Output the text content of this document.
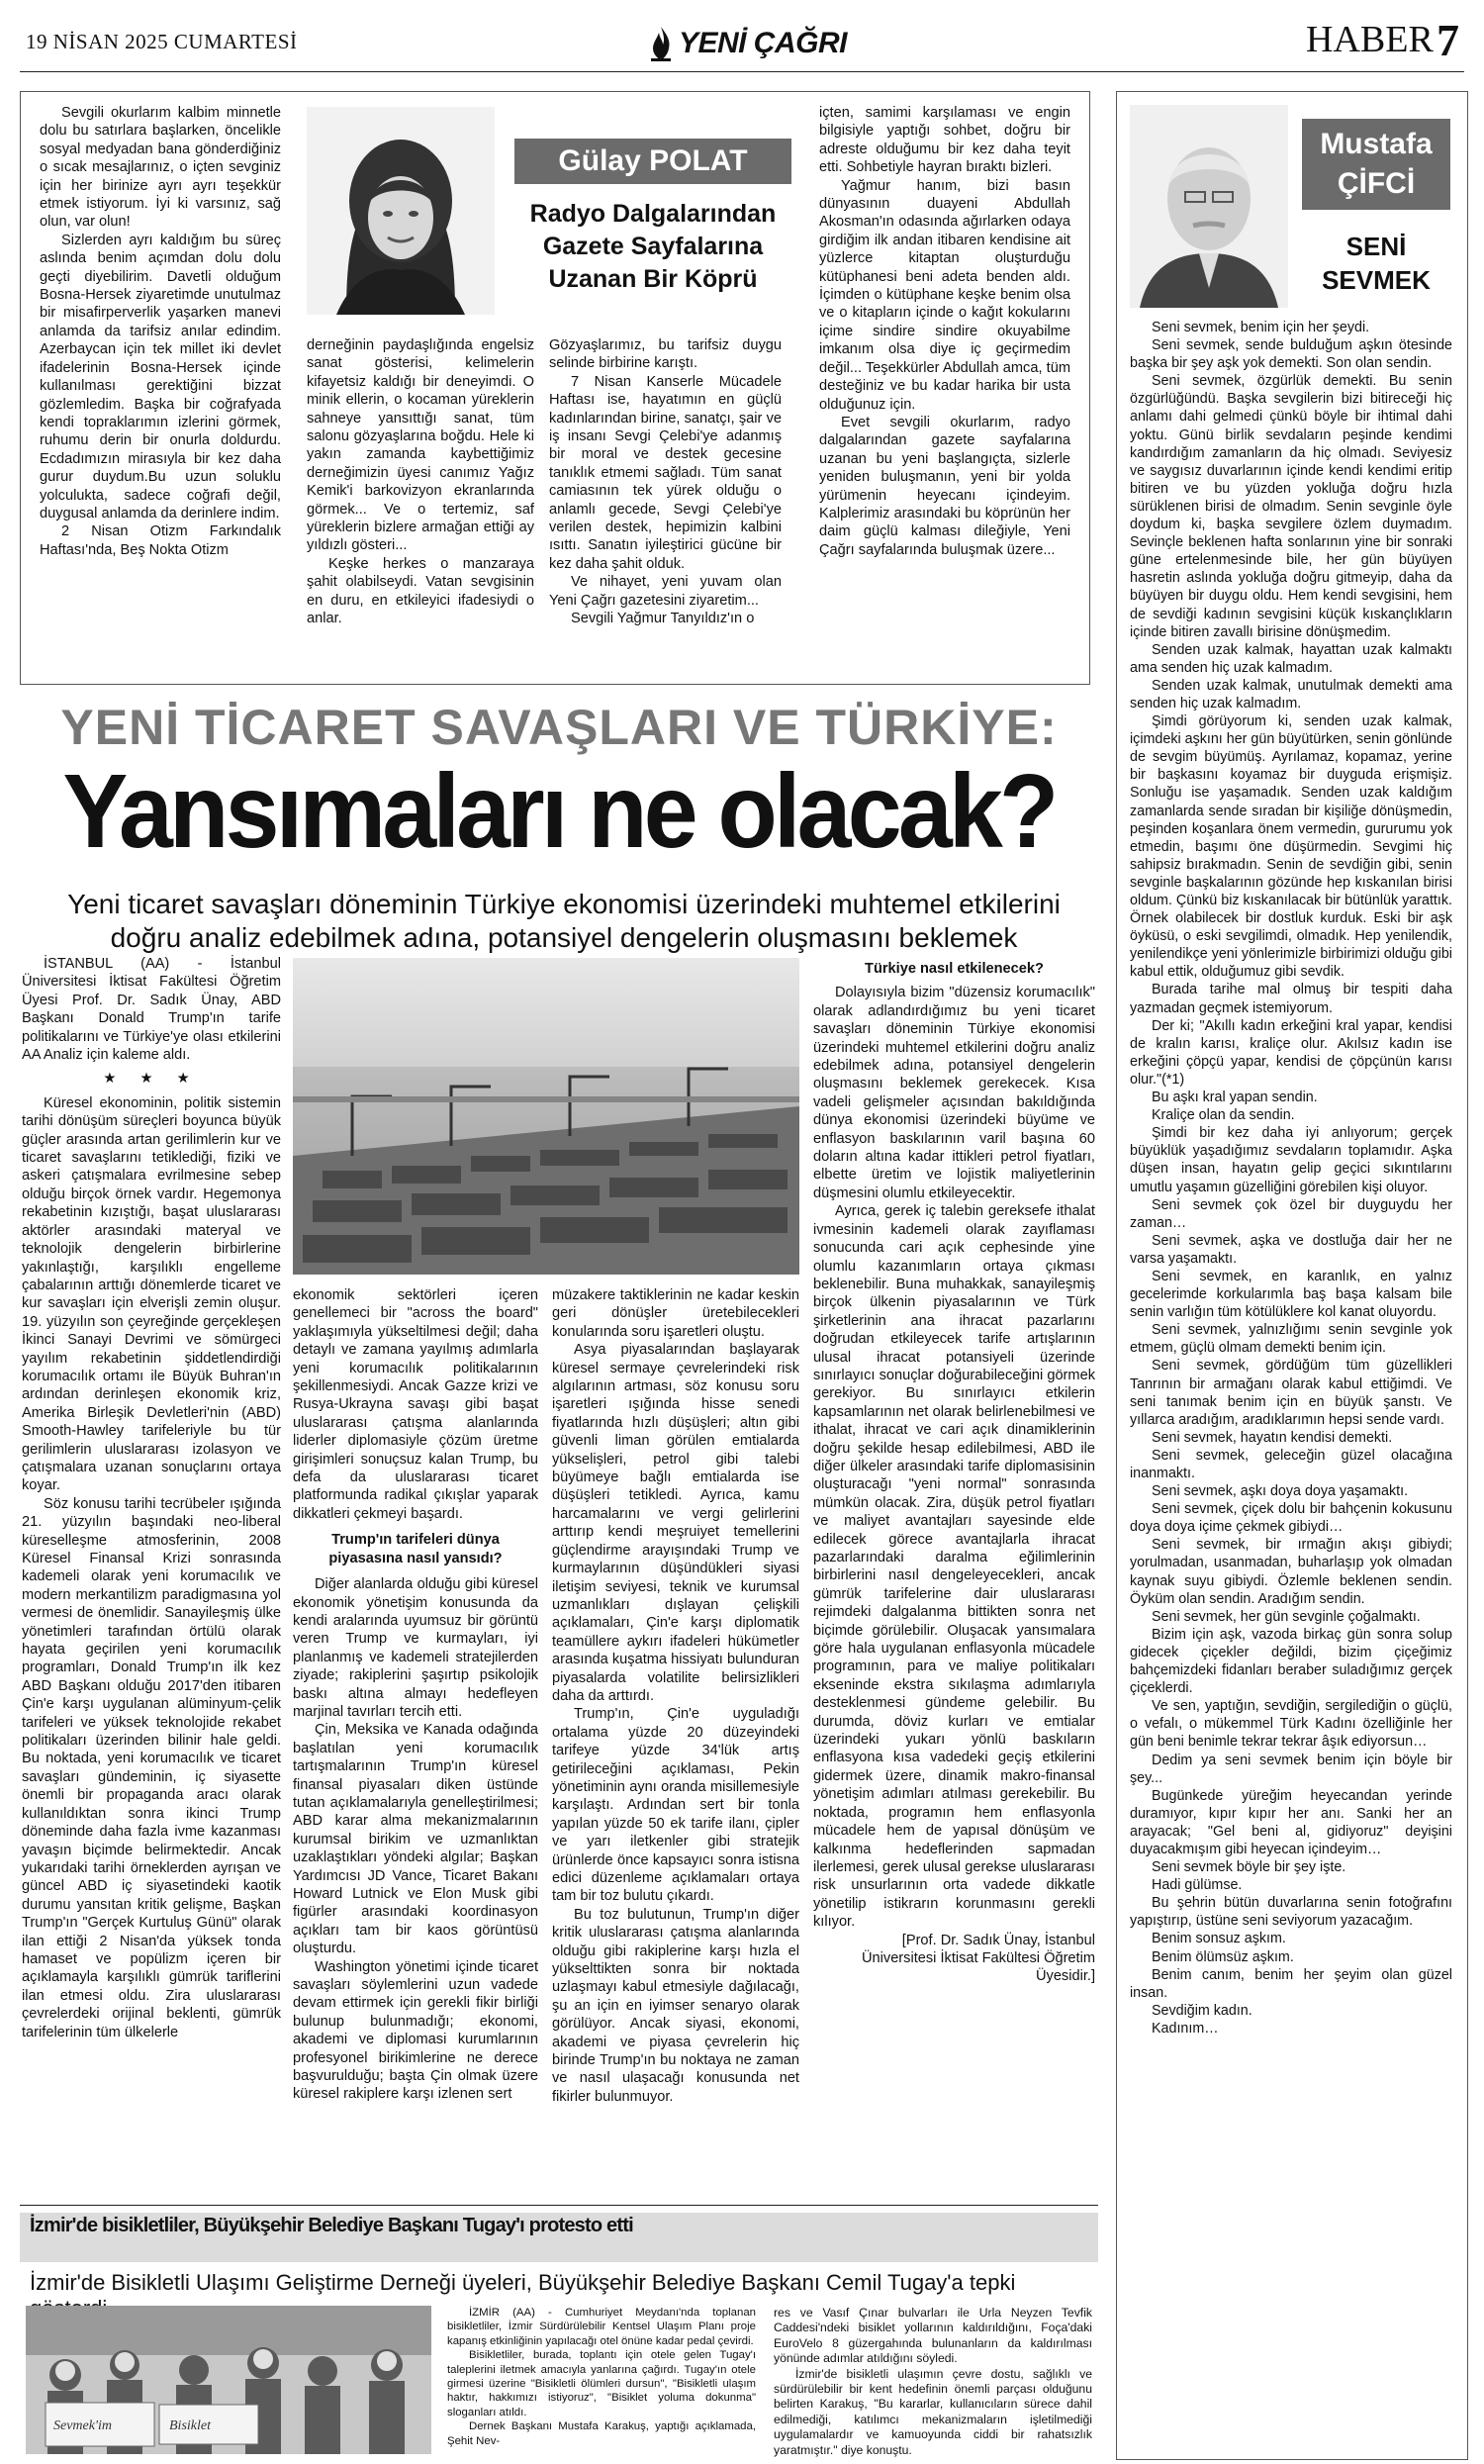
19 NİSAN 2025 CUMARTESİ	YENİ ÇAĞRI	HABER 7

Sevgili okurlarım kalbim minnetle dolu bu satırlara başlarken, öncelikle sosyal medyadan bana gönderdiğiniz o sıcak mesajlarınız, o içten sevginiz için her birinize ayrı ayrı teşekkür etmek istiyorum. İyi ki varsınız, sağ olun, var olun!

Sizlerden ayrı kaldığım bu süreç aslında benim açımdan dolu dolu geçti diyebilirim. Davetli olduğum Bosna-Hersek ziyaretimde unutulmaz bir misafirperverlik yaşarken manevi anlamda da tarifsiz anılar edindim. Azerbaycan için tek millet iki devlet ifadelerinin Bosna-Hersek içinde kullanılması gerektiğini bizzat gözlemledim. Başka bir coğrafyada kendi topraklarımın izlerini görmek, ruhumu derin bir onurla doldurdu. Ecdadımızın mirasıyla bir kez daha gurur duydum.Bu uzun soluklu yolculukta, sadece coğrafi değil, duygusal anlamda da derinlere indim.

2 Nisan Otizm Farkındalık Haftası'nda, Beş Nokta Otizm

Gülay POLAT
Radyo Dalgalarından
Gazete Sayfalarına
Uzanan Bir Köprü

derneğinin paydaşlığında engelsiz sanat gösterisi, kelimelerin kifayetsiz kaldığı bir deneyimdi. O minik ellerin, o kocaman yüreklerin sahneye yansıttığı sanat, tüm salonu gözyaşlarına boğdu. Hele ki yakın zamanda kaybettiğimiz derneğimizin üyesi canımız Yağız Kemik'i barkovizyon ekranlarında görmek... Ve o tertemiz, saf yüreklerin bizlere armağan ettiği ay yıldızlı gösteri...

Keşke herkes o manzaraya şahit olabilseydi. Vatan sevgisinin en duru, en etkileyici ifadesiydi o anlar.

Gözyaşlarımız, bu tarifsiz duygu selinde birbirine karıştı.

7 Nisan Kanserle Mücadele Haftası ise, hayatımın en güçlü kadınlarından birine, sanatçı, şair ve iş insanı Sevgi Çelebi'ye adanmış bir moral ve destek gecesine tanıklık etmemi sağladı. Tüm sanat camiasının tek yürek olduğu o anlamlı gecede, Sevgi Çelebi'ye verilen destek, hepimizin kalbini ısıttı. Sanatın iyileştirici gücüne bir kez daha şahit olduk.

Ve nihayet, yeni yuvam olan Yeni Çağrı gazetesini ziyaretim...

Sevgili Yağmur Tanyıldız'ın o

içten, samimi karşılaması ve engin bilgisiyle yaptığı sohbet, doğru bir adreste olduğumu bir kez daha teyit etti. Sohbetiyle hayran bıraktı bizleri.

Yağmur hanım, bizi basın dünyasının duayeni Abdullah Akosman'ın odasında ağırlarken odaya girdiğim ilk andan itibaren kendisine ait yüzlerce kitaptan oluşturduğu kütüphanesi beni adeta benden aldı. İçimden o kütüphane keşke benim olsa ve o kitapların içinde o kağıt kokularını içime sindire sindire okuyabilme imkanım olsa diye iç geçirmedim değil... Teşekkürler Abdullah amca, tüm desteğiniz ve bu kadar harika bir usta olduğunuz için.

Evet sevgili okurlarım, radyo dalgalarından gazete sayfalarına uzanan bu yeni başlangıçta, sizlerle yeniden buluşmanın, yeni bir yolda yürümenin heyecanı içindeyim. Kalplerimiz arasındaki bu köprünün her daim güçlü kalması dileğiyle, Yeni Çağrı sayfalarında buluşmak üzere...

YENİ TİCARET SAVAŞLARI VE TÜRKİYE:
Yansımaları ne olacak?
Yeni ticaret savaşları döneminin Türkiye ekonomisi üzerindeki muhtemel etkilerini doğru analiz edebilmek adına, potansiyel dengelerin oluşmasını beklemek

İSTANBUL (AA) - İstanbul Üniversitesi İktisat Fakültesi Öğretim Üyesi Prof. Dr. Sadık Ünay, ABD Başkanı Donald Trump'ın tarife politikalarını ve Türkiye'ye olası etkilerini AA Analiz için kaleme aldı.

★ ★ ★

Küresel ekonominin, politik sistemin tarihi dönüşüm süreçleri boyunca büyük güçler arasında artan gerilimlerin kur ve ticaret savaşlarını tetiklediği, fiziki ve askeri çatışmalara evrilmesine sebep olduğu birçok örnek vardır. Hegemonya rekabetinin kızıştığı, başat uluslararası aktörler arasındaki materyal ve teknolojik dengelerin birbirlerine yakınlaştığı, karşılıklı engelleme çabalarının arttığı dönemlerde ticaret ve kur savaşları için elverişli zemin oluşur. 19. yüzyılın son çeyreğinde gerçekleşen İkinci Sanayi Devrimi ve sömürgeci yayılım rekabetinin şiddetlendirdiği korumacılık ortamı ile Büyük Buhran'ın ardından derinleşen ekonomik kriz, Amerika Birleşik Devletleri'nin (ABD) Smooth-Hawley tarifeleriyle bu tür gerilimlerin uluslararası izolasyon ve çatışmalara uzanan sonuçlarını ortaya koyar.

Söz konusu tarihi tecrübeler ışığında 21. yüzyılın başındaki neo-liberal küreselleşme atmosferinin, 2008 Küresel Finansal Krizi sonrasında kademeli olarak yeni korumacılık ve modern merkantilizm paradigmasına yol vermesi de önemlidir. Sanayileşmiş ülke yönetimleri tarafından örtülü olarak hayata geçirilen yeni korumacılık programları, Donald Trump'ın ilk kez ABD Başkanı olduğu 2017'den itibaren Çin'e karşı uygulanan alüminyum-çelik tarifeleri ve yüksek teknolojide rekabet politikaları üzerinden bilinir hale geldi. Bu noktada, yeni korumacılık ve ticaret savaşları gündeminin, iç siyasette önemli bir propaganda aracı olarak kullanıldıktan sonra ikinci Trump döneminde daha fazla ivme kazanması yavaşın biçimde belirmektedir. Ancak yukarıdaki tarihi örneklerden ayrışan ve güncel ABD iç siyasetindeki kaotik durumu yansıtan kritik gelişme, Başkan Trump'ın "Gerçek Kurtuluş Günü" olarak ilan ettiği 2 Nisan'da yüksek tonda hamaset ve popülizm içeren bir açıklamayla karşılıklı gümrük tariflerini ilan etmesi oldu. Zira uluslararası çevrelerdeki orijinal beklenti, gümrük tarifelerinin tüm ülkelerle

ekonomik sektörleri içeren genellemeci bir "across the board" yaklaşımıyla yükseltilmesi değil; daha detaylı ve zamana yayılmış adımlarla yeni korumacılık politikalarının şekillenmesiydi. Ancak Gazze krizi ve Rusya-Ukrayna savaşı gibi başat uluslararası çatışma alanlarında liderler diplomasiyle çözüm üretme girişimleri sonuçsuz kalan Trump, bu defa da uluslararası ticaret platformunda radikal çıkışlar yaparak dikkatleri çekmeyi başardı.

Trump'ın tarifeleri dünya piyasasına nasıl yansıdı?

Diğer alanlarda olduğu gibi küresel ekonomik yönetişim konusunda da kendi aralarında uyumsuz bir görüntü veren Trump ve kurmayları, iyi planlanmış ve kademeli stratejilerden ziyade; rakiplerini şaşırtıp psikolojik baskı altına almayı hedefleyen marjinal tavırları tercih etti.

Çin, Meksika ve Kanada odağında başlatılan yeni korumacılık tartışmalarının Trump'ın küresel finansal piyasaları diken üstünde tutan açıklamalarıyla genelleştirilmesi; ABD karar alma mekanizmalarının kurumsal birikim ve uzmanlıktan uzaklaştıkları yöndeki algılar; Başkan Yardımcısı JD Vance, Ticaret Bakanı Howard Lutnick ve Elon Musk gibi figürler arasındaki koordinasyon açıkları tam bir kaos görüntüsü oluşturdu.

Washington yönetimi içinde ticaret savaşları söylemlerini uzun vadede devam ettirmek için gerekli fikir birliği bulunup bulunmadığı; ekonomi, akademi ve diplomasi kurumlarının profesyonel birikimlerine ne derece başvurulduğu; başta Çin olmak üzere küresel rakiplere karşı izlenen sert

müzakere taktiklerinin ne kadar keskin geri dönüşler üretebilecekleri konularında soru işaretleri oluştu.

Asya piyasalarından başlayarak küresel sermaye çevrelerindeki risk algılarının artması, söz konusu soru işaretleri ışığında hisse senedi fiyatlarında hızlı düşüşleri; altın gibi güvenli liman görülen emtialarda yükselişleri, petrol gibi talebi büyümeye bağlı emtialarda ise düşüşleri tetikledi. Ayrıca, kamu harcamalarını ve vergi gelirlerini arttırıp kendi meşruiyet temellerini güçlendirme arayışındaki Trump ve kurmaylarının düşündükleri siyasi iletişim seviyesi, teknik ve kurumsal uzmanlıkları dışlayan çelişkili açıklamaları, Çin'e karşı diplomatik teamüllere aykırı ifadeleri hükümetler arasında kuşatma hissiyatı bulunduran piyasalarda volatilite belirsizlikleri daha da arttırdı.

Trump'ın, Çin'e uyguladığı ortalama yüzde 20 düzeyindeki tarifeye yüzde 34'lük artış getirileceğini açıklaması, Pekin yönetiminin aynı oranda misillemesiyle karşılaştı. Ardından sert bir tonla yapılan yüzde 50 ek tarife ilanı, çipler ve yarı iletkenler gibi stratejik ürünlerde önce kapsayıcı sonra istisna edici düzenleme açıklamaları ortaya tam bir toz bulutu çıkardı.

Bu toz bulutunun, Trump'ın diğer kritik uluslararası çatışma alanlarında olduğu gibi rakiplerine karşı hızla el yükselttikten sonra bir noktada uzlaşmayı kabul etmesiyle dağılacağı, şu an için en iyimser senaryo olarak görülüyor. Ancak siyasi, ekonomi, akademi ve piyasa çevrelerin hiç birinde Trump'ın bu noktaya ne zaman ve nasıl ulaşacağı konusunda net fikirler bulunmuyor.

Türkiye nasıl etkilenecek?

Dolayısıyla bizim "düzensiz korumacılık" olarak adlandırdığımız bu yeni ticaret savaşları döneminin Türkiye ekonomisi üzerindeki muhtemel etkilerini doğru analiz edebilmek adına, potansiyel dengelerin oluşmasını beklemek gerekecek. Kısa vadeli gelişmeler açısından bakıldığında dünya ekonomisi üzerindeki büyüme ve enflasyon baskılarının varil başına 60 doların altına kadar ittikleri petrol fiyatları, elbette üretim ve lojistik maliyetlerinin düşmesini olumlu etkileyecektir.

Ayrıca, gerek iç talebin gereksefe ithalat ivmesinin kademeli olarak zayıflaması sonucunda cari açık cephesinde yine olumlu kazanımların ortaya çıkması beklenebilir. Buna muhakkak, sanayileşmiş birçok ülkenin piyasalarının ve Türk şirketlerinin ana ihracat pazarlarını doğrudan etkileyecek tarife artışlarının ulusal ihracat potansiyeli üzerinde sınırlayıcı sonuçlar doğurabileceğini görmek gerekiyor. Bu sınırlayıcı etkilerin kapsamlarının net olarak belirlenebilmesi ve ithalat, ihracat ve cari açık dinamiklerinin doğru şekilde hesap edilebilmesi, ABD ile diğer ülkeler arasındaki tarife diplomasisinin oluşturacağı "yeni normal" sonrasında mümkün olacak. Zira, düşük petrol fiyatları ve maliyet avantajları sayesinde elde edilecek görece avantajlarla ihracat pazarlarındaki daralma eğilimlerinin birbirlerini nasıl dengeleyecekleri, ancak gümrük tarifelerine dair uluslararası rejimdeki dalgalanma bittikten sonra net biçimde görülebilir. Oluşacak yansımalara göre hala uygulanan enflasyonla mücadele programının, para ve maliye politikaları ekseninde ekstra sıkılaşma adımlarıyla desteklenmesi gündeme gelebilir. Bu durumda, döviz kurları ve emtialar üzerindeki yukarı yönlü baskıların enflasyona kısa vadedeki geçiş etkilerini gidermek üzere, dinamik makro-finansal yönetişim adımları atılması gerekebilir. Bu noktada, programın hem enflasyonla mücadele hem de yapısal dönüşüm ve kalkınma hedeflerinden sapmadan ilerlemesi, gerek ulusal gerekse uluslararası risk unsurlarının orta vadede dikkatle yönetilip istikrarın korunmasını gerekli kılıyor.

[Prof. Dr. Sadık Ünay, İstanbul Üniversitesi İktisat Fakültesi Öğretim Üyesidir.]

İzmir'de bisikletliler, Büyükşehir Belediye Başkanı Tugay'ı protesto etti
İzmir'de Bisikletli Ulaşımı Geliştirme Derneği üyeleri, Büyükşehir Belediye Başkanı Cemil Tugay'a tepki
Sevmek'im	Bisiklet

İZMİR (AA) - Cumhuriyet Meydanı'nda toplanan bisikletliler, İzmir Sürdürülebilir Kentsel Ulaşım Planı proje kapanış etkinliğinin yapılacağı otel önüne kadar pedal çevirdi.

Bisikletliler, burada, toplantı için otele gelen Tugay'ı taleplerini iletmek amacıyla yanlarına çağırdı. Tugay'ın otele girmesi üzerine "Bisikletli ölümleri dursun", "Bisikletli ulaşım haktır, hakkımızı istiyoruz", "Bisiklet yoluma dokunma" sloganları atıldı.

Dernek Başkanı Mustafa Karakuş, yaptığı açıklamada, Şehit Nev-

res ve Vasıf Çınar bulvarları ile Urla Neyzen Tevfik Caddesi'ndeki bisiklet yollarının kaldırıldığını, Foça'daki EuroVelo 8 güzergahında bulunanların da kaldırılması yönünde adımlar atıldığını söyledi.

İzmir'de bisikletli ulaşımın çevre dostu, sağlıklı ve sürdürülebilir bir kent hedefinin önemli parçası olduğunu belirten Karakuş, "Bu kararlar, kullanıcıların sürece dahil edilmediği, katılımcı mekanizmaların işletilmediği uygulamalardır ve kamuoyunda ciddi bir rahatsızlık yaratmıştır." diye konuştu.

Mustafa
ÇİFCİ
SENİ
SEVMEK

Seni sevmek, benim için her şeydi.

Seni sevmek, sende bulduğum aşkın ötesinde başka bir şey aşk yok demekti. Son olan sendin.

Seni sevmek, özgürlük demekti. Bu senin özgürlüğündü. Başka sevgilerin bizi bitireceği hiç anlamı dahi gelmedi çünkü böyle bir ihtimal dahi yoktu. Günü birlik sevdaların peşinde kendimi kandırdığım zamanların da hiç olmadı. Seviyesiz ve saygısız duvarlarının içinde kendi kendimi eritip bitiren ve bu yüzden yokluğa doğru hızla sürüklenen birisi de olmadım. Senin sevginle öyle doydum ki, başka sevgilere özlem duymadım. Sevinçle beklenen hafta sonlarının yine bir sonraki güne ertelenmesinde bile, her gün büyüyen hasretin aslında yokluğa doğru gitmeyip, daha da büyüyen bir duygu oldu. Hem kendi sevgisini, hem de sevdiği kadının sevgisini küçük kıskançlıkların içinde bitiren zavallı birisine dönüşmedim.

Senden uzak kalmak, hayattan uzak kalmaktı ama senden hiç uzak kalmadım.

Senden uzak kalmak, unutulmak demekti ama senden hiç uzak kalmadım.

Şimdi görüyorum ki, senden uzak kalmak, içimdeki aşkını her gün büyütürken, senin gönlünde de sevgim büyümüş. Ayrılamaz, kopamaz, yerine bir başkasını koyamaz bir duyguda erişmişiz. Sonluğu ise yaşamadık. Senden uzak kaldığım zamanlarda sende sıradan bir kişiliğe dönüşmedin, peşinden koşanlara önem vermedin, gururumu yok etmedin, başımı öne düşürmedin. Sevgimi hiç sahipsiz bırakmadın. Senin de sevdiğin gibi, senin sevginle başkalarının gözünde hep kıskanılan birisi oldum. Çünkü biz kıskanılacak bir bütünlük yarattık. Örnek olabilecek bir dostluk kurduk. Eski bir aşk öyküsü, o eski sevgilimdi, olmadık. Hep yenilendik, yenilendikçe yeni yönlerimizle birbirimizi olduğu gibi kabul ettik, olduğumuz gibi sevdik.

Burada tarihe mal olmuş bir tespiti daha yazmadan geçmek istemiyorum.

Der ki; "Akıllı kadın erkeğini kral yapar, kendisi de kralın karısı, kraliçe olur. Akılsız kadın ise erkeğini çöpçü yapar, kendisi de çöpçünün karısı olur."(*1)

Bu aşkı kral yapan sendin.

Kraliçe olan da sendin.

Şimdi bir kez daha iyi anlıyorum; gerçek büyüklük yaşadığımız sevdaların toplamıdır. Aşka düşen insan, hayatın gelip geçici sıkıntılarını umutlu yaşamın güzelliğini görebilen kişi oluyor.

Seni sevmek çok özel bir duyguydu her zaman…

Seni sevmek, aşka ve dostluğa dair her ne varsa yaşamaktı.

Seni sevmek, en karanlık, en yalnız gecelerimde korkularımla baş başa kalsam bile senin varlığın tüm kötülüklere kol kanat oluyordu.

Seni sevmek, yalnızlığımı senin sevginle yok etmem, güçlü olmam demekti benim için.

Seni sevmek, gördüğüm tüm güzellikleri Tanrının bir armağanı olarak kabul ettiğimdi. Ve seni tanımak benim için en büyük şanstı. Ve yıllarca aradığım, aradıklarımın hepsi sende vardı.

Seni sevmek, hayatın kendisi demekti.

Seni sevmek, geleceğin güzel olacağına inanmaktı.

Seni sevmek, aşkı doya doya yaşamaktı.

Seni sevmek, çiçek dolu bir bahçenin kokusunu doya doya içime çekmek gibiydi…

Seni sevmek, bir ırmağın akışı gibiydi; yorulmadan, usanmadan, buharlaşıp yok olmadan kaynak suyu gibiydi. Özlemle beklenen sendin. Öyküm olan sendin. Aradığım sendin.

Seni sevmek, her gün sevginle çoğalmaktı.

Bizim için aşk, vazoda birkaç gün sonra solup gidecek çiçekler değildi, bizim çiçeğimiz bahçemizdeki fidanları beraber suladığımız gerçek çiçeklerdi.

Ve sen, yaptığın, sevdiğin, sergilediğin o güçlü, o vefalı, o mükemmel Türk Kadını özelliğinle her gün beni benimle tekrar tekrar âşık ediyorsun…

Dedim ya seni sevmek benim için böyle bir şey...

Bugünkede yüreğim heyecandan yerinde duramıyor, kıpır kıpır her anı. Sanki her an arayacak; "Gel beni al, gidiyoruz" deyişini duyacakmışım gibi heyecan içindeyim…

Seni sevmek böyle bir şey işte.

Hadi gülümse.

Bu şehrin bütün duvarlarına senin fotoğrafını yapıştırıp, üstüne seni seviyorum yazacağım.

Benim sonsuz aşkım.

Benim ölümsüz aşkım.

Benim canım, benim her şeyim olan güzel insan.

Sevdiğim kadın.

Kadınım…
